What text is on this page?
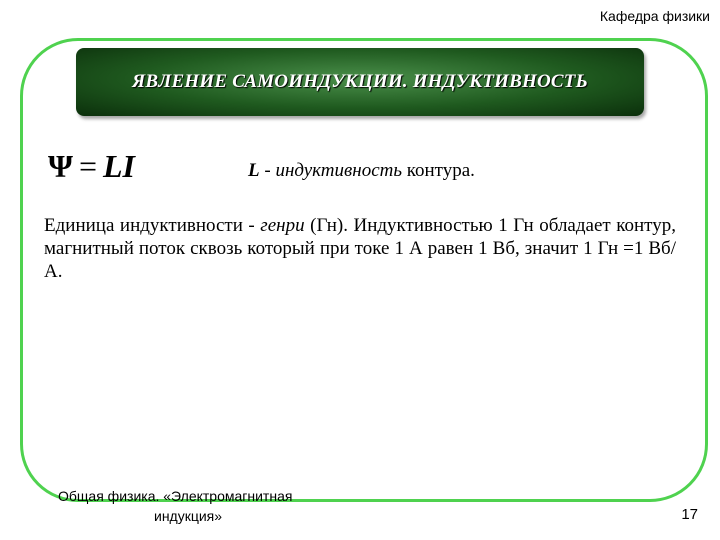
Кафедра физики
ЯВЛЕНИЕ САМОИНДУКЦИИ. ИНДУКТИВНОСТЬ
Ψ = LI	L - индуктивность контура.
Единица индуктивности - генри (Гн). Индуктивностью 1 Гн обладает контур, магнитный поток сквозь который при токе 1 А равен 1 Вб, значит 1 Гн =1 Вб/А.
Общая физика. «Электромагнитная
индукция»	17
